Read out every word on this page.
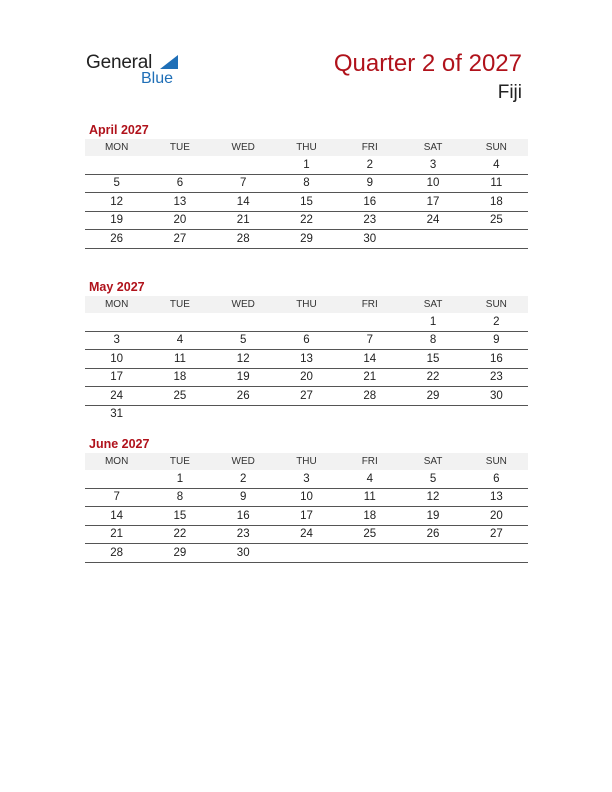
General
Blue
Quarter 2 of 2027
Fiji
April 2027
MON	TUE	WED	THU	FRI	SAT	SUN
			1	2	3	4
5	6	7	8	9	10	11
12	13	14	15	16	17	18
19	20	21	22	23	24	25
26	27	28	29	30		
May 2027
MON	TUE	WED	THU	FRI	SAT	SUN
					1	2
3	4	5	6	7	8	9
10	11	12	13	14	15	16
17	18	19	20	21	22	23
24	25	26	27	28	29	30
31						
June 2027
MON	TUE	WED	THU	FRI	SAT	SUN
	1	2	3	4	5	6
7	8	9	10	11	12	13
14	15	16	17	18	19	20
21	22	23	24	25	26	27
28	29	30				
